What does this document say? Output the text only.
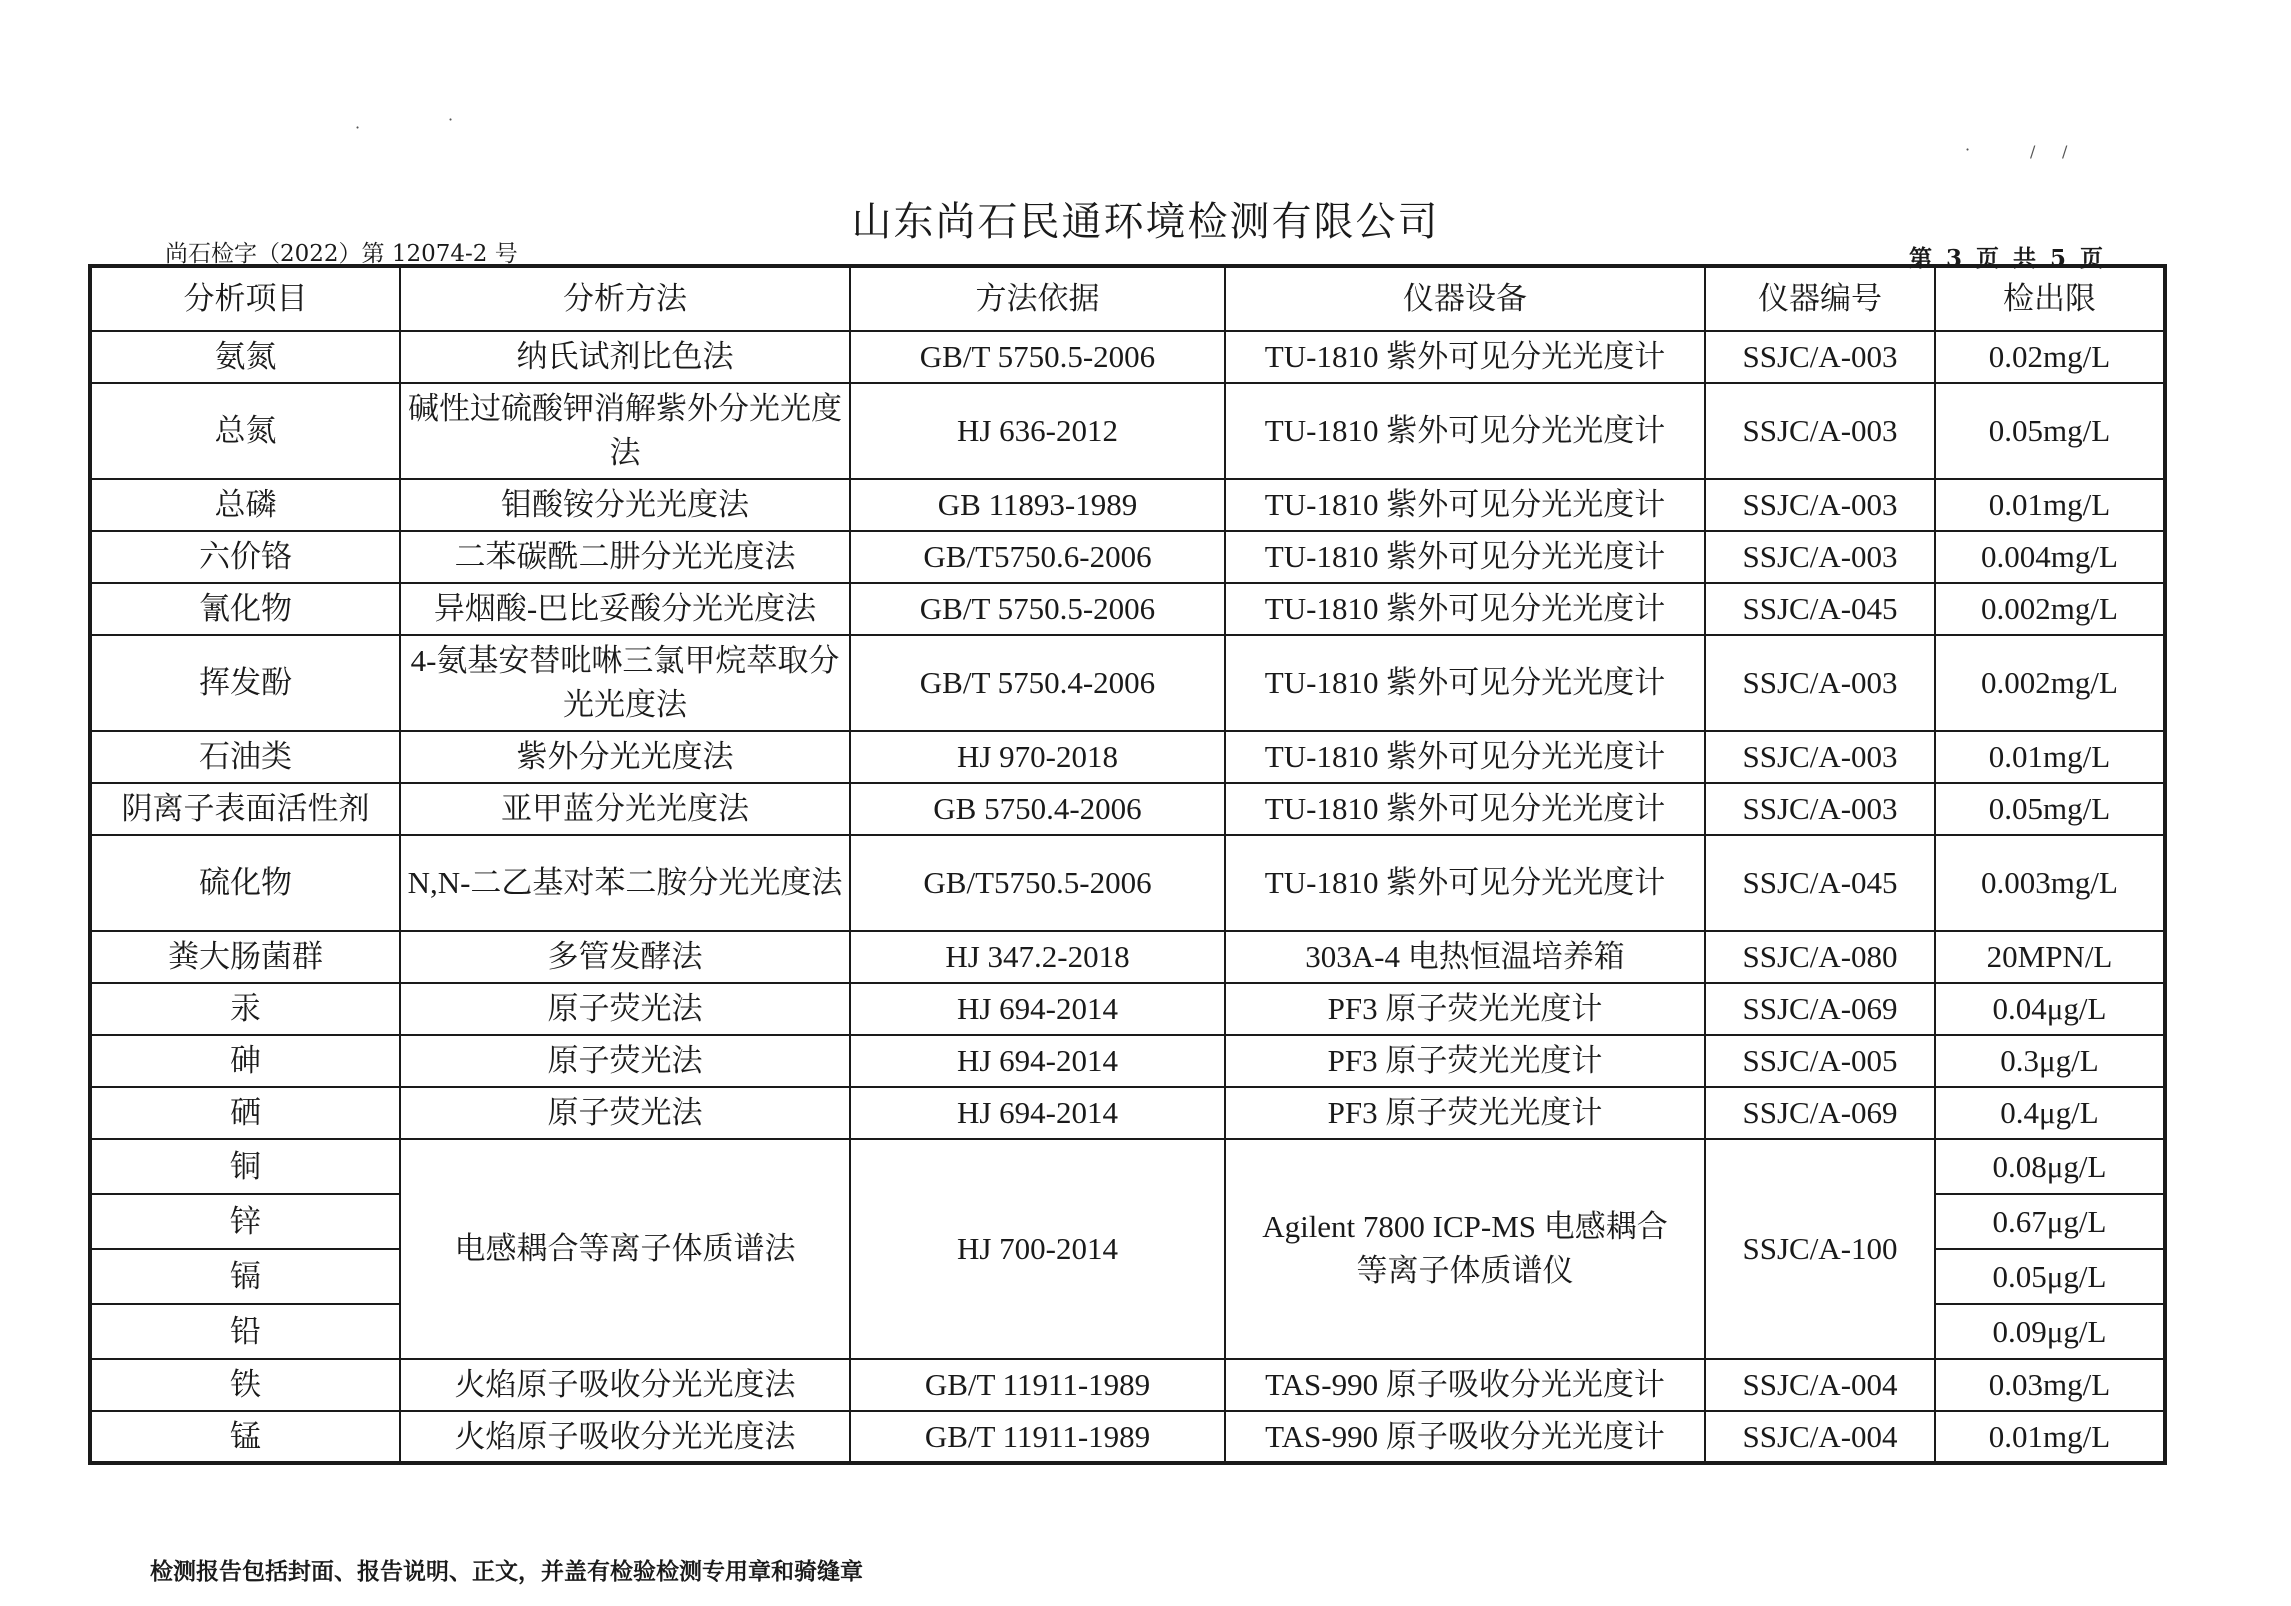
·	·
·	/ /
山东尚石民通环境检测有限公司
尚石检字（2022）第 12074-2 号	第 3 页 共 5 页
分析项目	分析方法	方法依据	仪器设备	仪器编号	检出限
氨氮	纳氏试剂比色法	GB/T 5750.5-2006	TU-1810 紫外可见分光光度计	SSJC/A-003	0.02mg/L
总氮	碱性过硫酸钾消解紫外分光光度法	HJ 636-2012	TU-1810 紫外可见分光光度计	SSJC/A-003	0.05mg/L
总磷	钼酸铵分光光度法	GB 11893-1989	TU-1810 紫外可见分光光度计	SSJC/A-003	0.01mg/L
六价铬	二苯碳酰二肼分光光度法	GB/T5750.6-2006	TU-1810 紫外可见分光光度计	SSJC/A-003	0.004mg/L
氰化物	异烟酸-巴比妥酸分光光度法	GB/T 5750.5-2006	TU-1810 紫外可见分光光度计	SSJC/A-045	0.002mg/L
挥发酚	4-氨基安替吡啉三氯甲烷萃取分光光度法	GB/T 5750.4-2006	TU-1810 紫外可见分光光度计	SSJC/A-003	0.002mg/L
石油类	紫外分光光度法	HJ 970-2018	TU-1810 紫外可见分光光度计	SSJC/A-003	0.01mg/L
阴离子表面活性剂	亚甲蓝分光光度法	GB 5750.4-2006	TU-1810 紫外可见分光光度计	SSJC/A-003	0.05mg/L
硫化物	N,N-二乙基对苯二胺分光光度法	GB/T5750.5-2006	TU-1810 紫外可见分光光度计	SSJC/A-045	0.003mg/L
粪大肠菌群	多管发酵法	HJ 347.2-2018	303A-4 电热恒温培养箱	SSJC/A-080	20MPN/L
汞	原子荧光法	HJ 694-2014	PF3 原子荧光光度计	SSJC/A-069	0.04μg/L
砷	原子荧光法	HJ 694-2014	PF3 原子荧光光度计	SSJC/A-005	0.3μg/L
硒	原子荧光法	HJ 694-2014	PF3 原子荧光光度计	SSJC/A-069	0.4μg/L
铜	电感耦合等离子体质谱法	HJ 700-2014	Agilent 7800 ICP-MS 电感耦合等离子体质谱仪	SSJC/A-100	0.08μg/L
锌					0.67μg/L
镉					0.05μg/L
铅					0.09μg/L
铁	火焰原子吸收分光光度法	GB/T 11911-1989	TAS-990 原子吸收分光光度计	SSJC/A-004	0.03mg/L
锰	火焰原子吸收分光光度法	GB/T 11911-1989	TAS-990 原子吸收分光光度计	SSJC/A-004	0.01mg/L
检测报告包括封面、报告说明、正文，并盖有检验检测专用章和骑缝章
